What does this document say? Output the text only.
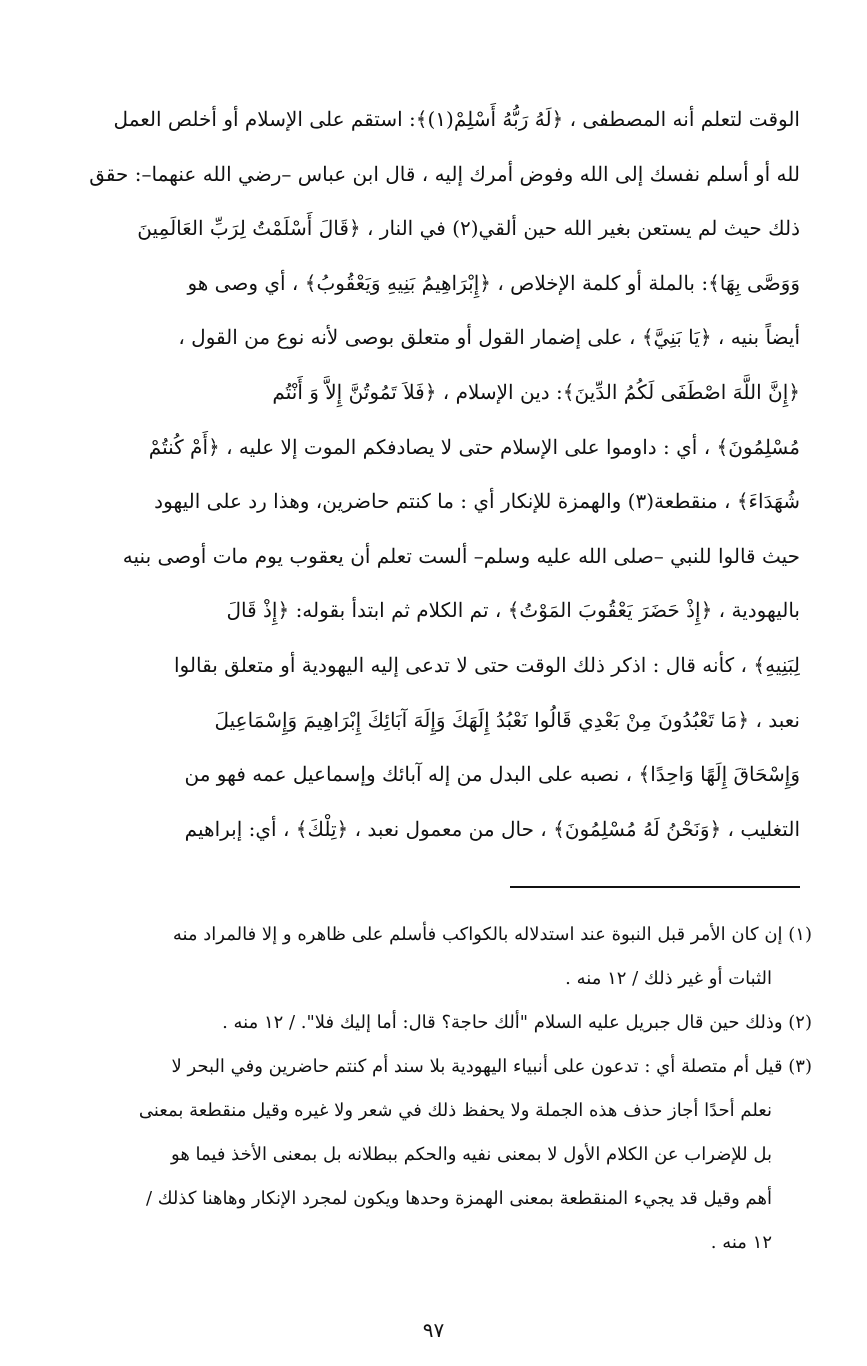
الوقت لتعلم أنه المصطفى ، ﴿لَهُ رَبُّهُ أَسْلِمْ(١)﴾: استقم على الإسلام أو أخلص العمل
لله أو أسلم نفسك إلى الله وفوض أمرك إليه ، قال ابن عباس –رضي الله عنهما–: حقق
ذلك حيث لم يستعن بغير الله حين ألقي(٢) في النار ، ﴿قَالَ أَسْلَمْتُ لِرَبِّ العَالَمِينَ
وَوَصَّى بِهَا﴾: بالملة أو كلمة الإخلاص ، ﴿إِبْرَاهِيمُ بَنِيهِ وَيَعْقُوبُ﴾ ، أي وصى هو
أيضاً بنيه ، ﴿يَا بَنِيَّ﴾ ، على إضمار القول أو متعلق بوصى لأنه نوع من القول ،
﴿إِنَّ اللَّهَ اصْطَفَى لَكُمُ الدِّينَ﴾: دين الإسلام ، ﴿فَلاَ تَمُوتُنَّ إِلاَّ وَ أَنْتُم
مُسْلِمُونَ﴾ ، أي : داوموا على الإسلام حتى لا يصادفكم الموت إلا عليه ، ﴿أَمْ كُنتُمْ
شُهَدَاءَ﴾ ، منقطعة(٣) والهمزة للإنكار أي : ما كنتم حاضرين، وهذا رد على اليهود
حيث قالوا للنبي –صلى الله عليه وسلم– ألست تعلم أن يعقوب يوم مات أوصى بنيه
باليهودية ، ﴿إِذْ حَضَرَ يَعْقُوبَ المَوْتُ﴾ ، تم الكلام ثم ابتدأ بقوله: ﴿إِذْ قَالَ
لِبَنِيهِ﴾ ، كأنه قال : اذكر ذلك الوقت حتى لا تدعى إليه اليهودية أو متعلق بقالوا
نعبد ، ﴿مَا تَعْبُدُونَ مِنْ بَعْدِي قَالُوا نَعْبُدُ إِلَهَكَ وَإِلَهَ آبَائِكَ إِبْرَاهِيمَ وَإِسْمَاعِيلَ
وَإِسْحَاقَ إِلَهًا وَاحِدًا﴾ ، نصبه على البدل من إله آبائك وإسماعيل عمه فهو من
التغليب ، ﴿وَنَحْنُ لَهُ مُسْلِمُونَ﴾ ، حال من معمول نعبد ، ﴿تِلْكَ﴾ ، أي: إبراهيم
(١) إن كان الأمر قبل النبوة عند استدلاله بالكواكب فأسلم على ظاهره و إلا فالمراد منه
الثبات أو غير ذلك / ١٢ منه .
(٢) وذلك حين قال جبريل عليه السلام "ألك حاجة؟ قال: أما إليك فلا". / ١٢ منه .
(٣) قيل أم متصلة أي : تدعون على أنبياء اليهودية بلا سند أم كنتم حاضرين وفي البحر لا
نعلم أحدًا أجاز حذف هذه الجملة ولا يحفظ ذلك في شعر ولا غيره وقيل منقطعة بمعنى
بل للإضراب عن الكلام الأول لا بمعنى نفيه والحكم ببطلانه بل بمعنى الأخذ فيما هو
أهم وقيل قد يجيء المنقطعة بمعنى الهمزة وحدها ويكون لمجرد الإنكار وهاهنا كذلك /
١٢ منه .
٩٧
